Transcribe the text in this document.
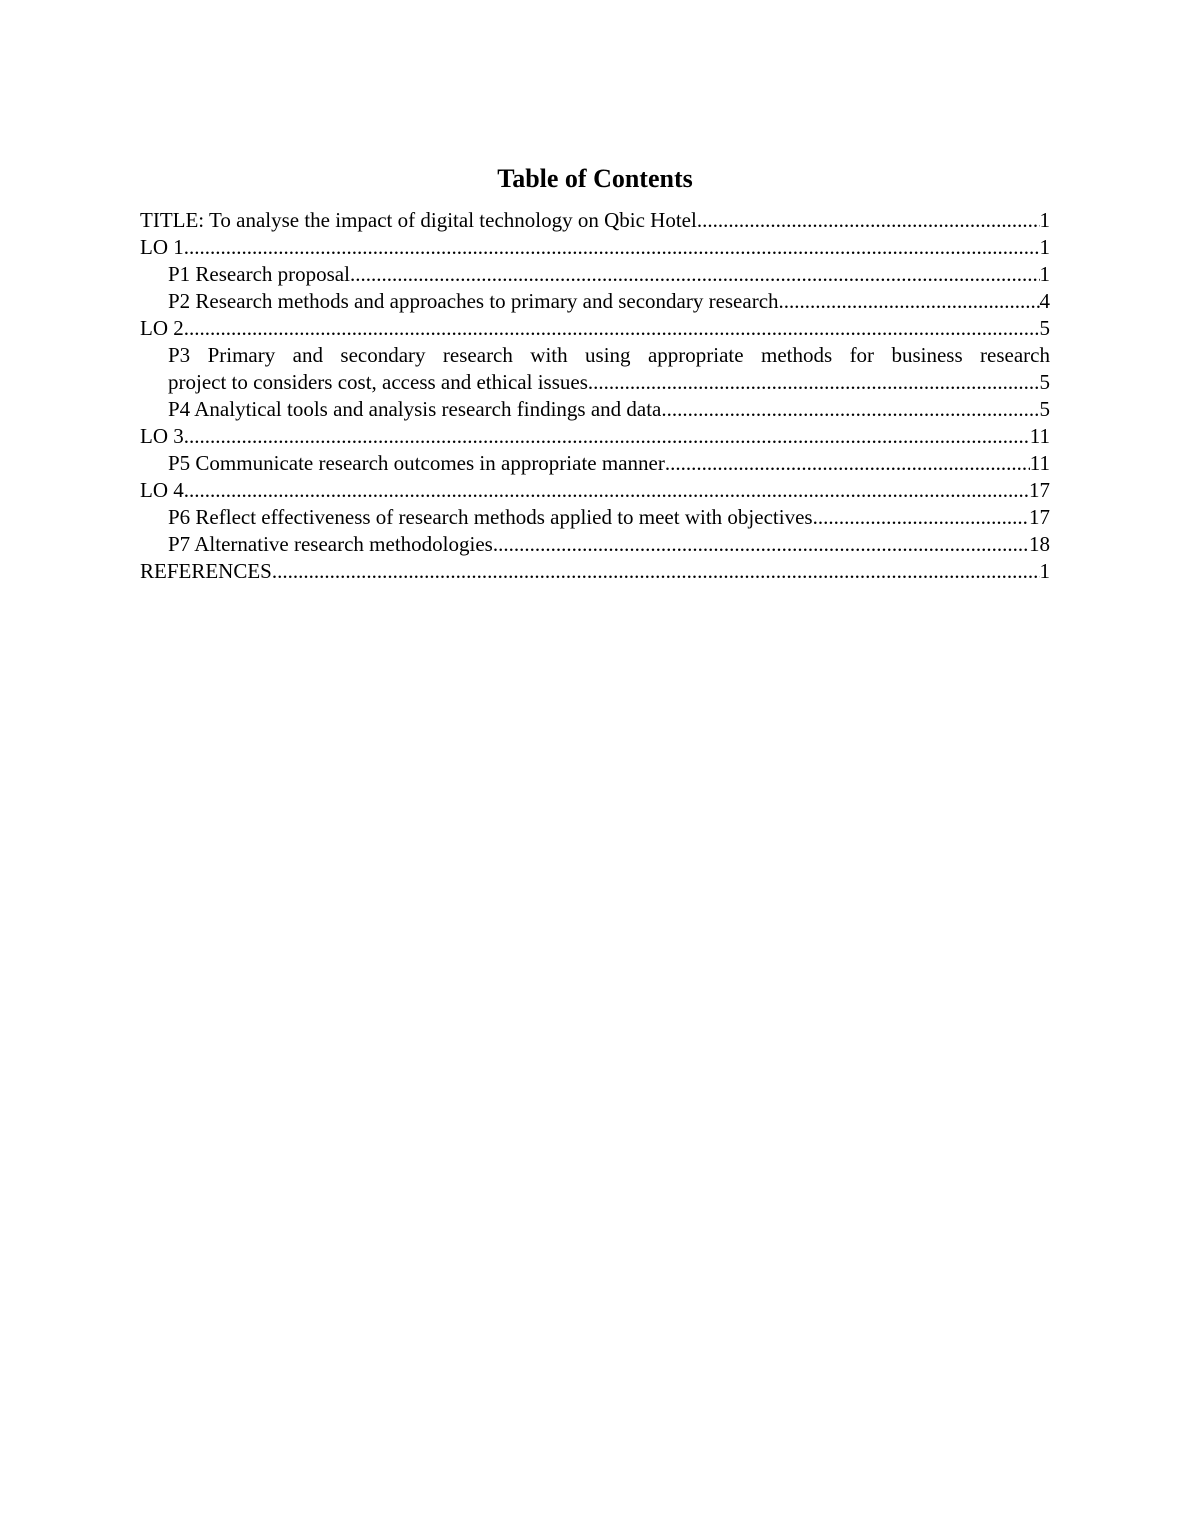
Table of Contents
TITLE: To analyse the impact of digital technology on Qbic Hotel .....	1
LO 1 .....	1
P1 Research proposal .....	1
P2 Research methods and approaches to primary and secondary research .....	4
LO 2 .....	5
P3 Primary and secondary research with using appropriate methods for business research
project to considers cost, access and ethical issues .....	5
P4 Analytical tools and analysis research findings and data .....	5
LO 3 .....	11
P5 Communicate research outcomes in appropriate manner .....	11
LO 4 .....	17
P6 Reflect effectiveness of research methods applied to meet with objectives .....	17
P7 Alternative research methodologies .....	18
REFERENCES .....	1
